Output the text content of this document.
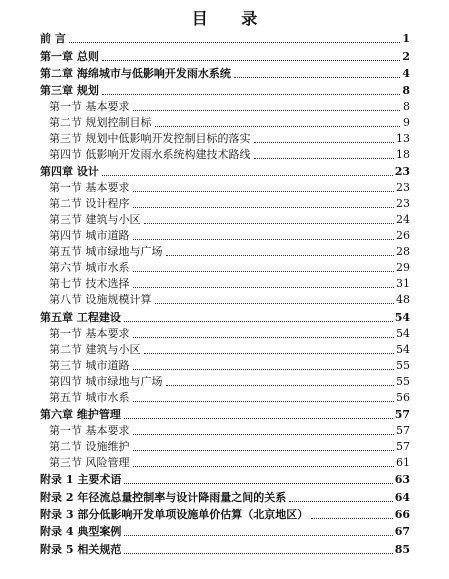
目 录
前 言	1
第一章 总则	2
第二章 海绵城市与低影响开发雨水系统	4
第三章 规划	8
第一节 基本要求	8
第二节 规划控制目标	9
第三节 规划中低影响开发控制目标的落实	13
第四节 低影响开发雨水系统构建技术路线	18
第四章 设计	23
第一节 基本要求	23
第二节 设计程序	23
第三节 建筑与小区	24
第四节 城市道路	26
第五节 城市绿地与广场	28
第六节 城市水系	29
第七节 技术选择	31
第八节 设施规模计算	48
第五章 工程建设	54
第一节 基本要求	54
第二节 建筑与小区	54
第三节 城市道路	55
第四节 城市绿地与广场	55
第五节 城市水系	56
第六章 维护管理	57
第一节 基本要求	57
第二节 设施维护	57
第三节 风险管理	61
附录 1 主要术语	63
附录 2 年径流总量控制率与设计降雨量之间的关系	64
附录 3 部分低影响开发单项设施单价估算（北京地区）	66
附录 4 典型案例	67
附录 5 相关规范	85
